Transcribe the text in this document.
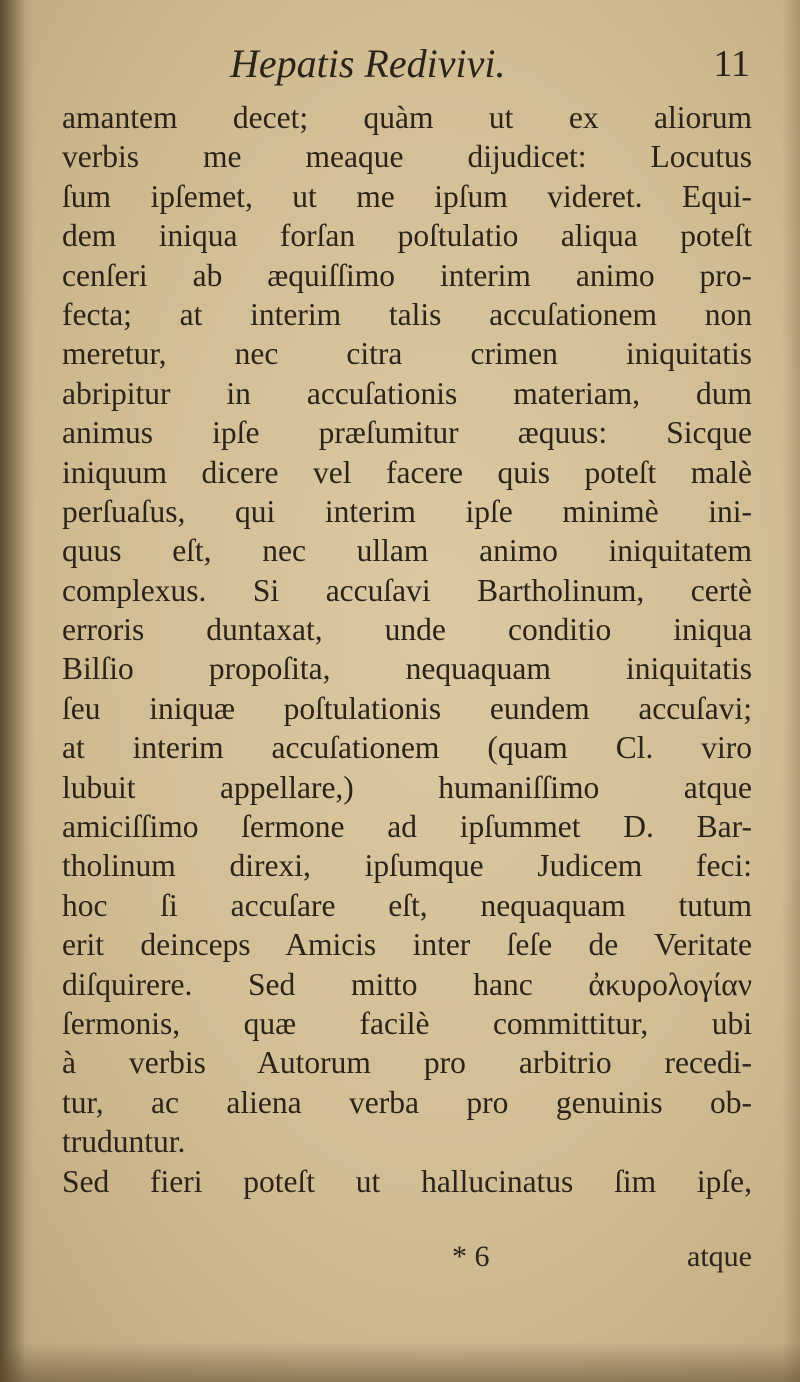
Hepatis Redivivi.	11
amantem decet; quàm ut ex aliorum
verbis me meaque dijudicet: Locutus
ſum ipſemet, ut me ipſum videret. Equi-
dem iniqua forſan poſtulatio aliqua poteſt
cenſeri ab æquiſſimo interim animo pro-
fecta; at interim talis accuſationem non
meretur, nec citra crimen iniquitatis
abripitur in accuſationis materiam, dum
animus ipſe præſumitur æquus: Sicque
iniquum dicere vel facere quis poteſt malè
perſuaſus, qui interim ipſe minimè ini-
quus eſt, nec ullam animo iniquitatem
complexus. Si accuſavi Bartholinum, certè
erroris duntaxat, unde conditio iniqua
Bilſio propoſita, nequaquam iniquitatis
ſeu iniquæ poſtulationis eundem accuſavi;
at interim accuſationem (quam Cl. viro
lubuit appellare,) humaniſſimo atque
amiciſſimo ſermone ad ipſummet D. Bar-
tholinum direxi, ipſumque Judicem feci:
hoc ſi accuſare eſt, nequaquam tutum
erit deinceps Amicis inter ſeſe de Veritate
diſquirere. Sed mitto hanc ἀκυρολογίαν
ſermonis, quæ facilè committitur, ubi
à verbis Autorum pro arbitrio recedi-
tur, ac aliena verba pro genuinis ob-
truduntur.
Sed fieri poteſt ut hallucinatus ſim ipſe,
* 6	atque
